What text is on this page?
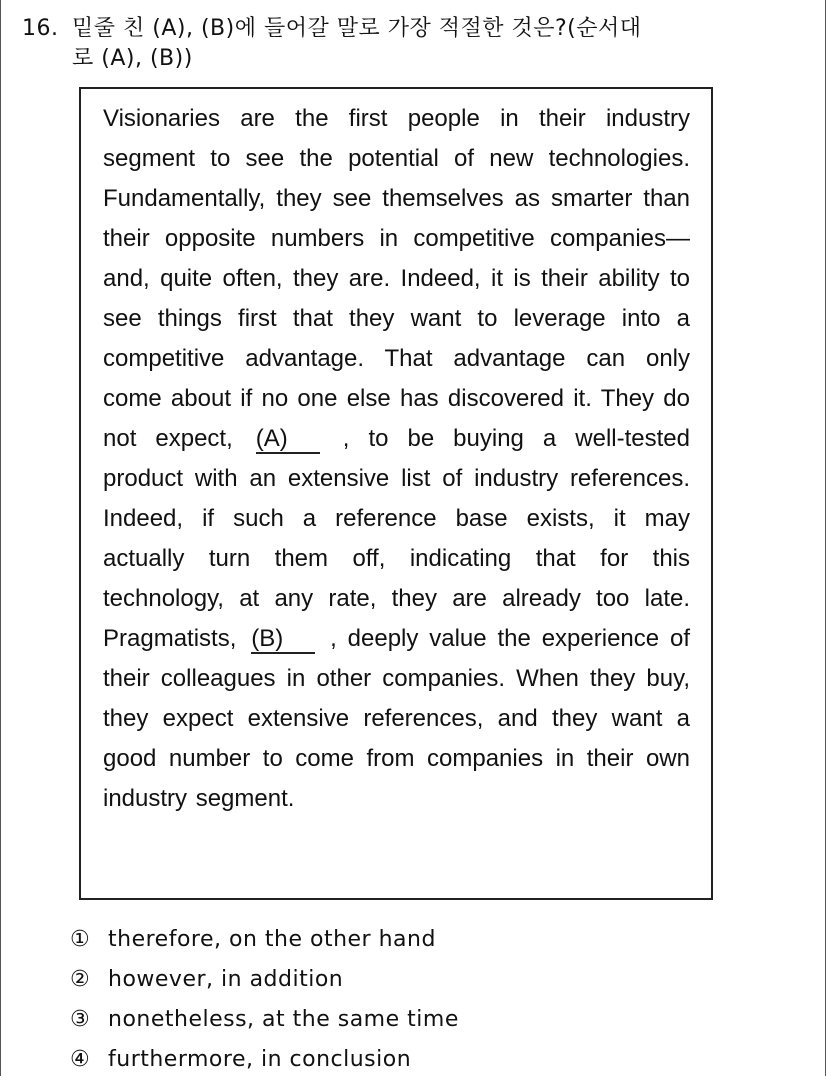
16. 밑줄 친 (A), (B)에 들어갈 말로 가장 적절한 것은?(순서대
로 (A), (B))
Visionaries are the first people in their industry segment to see the potential of new technologies. Fundamentally, they see themselves as smarter than their opposite numbers in competitive companies—and, quite often, they are. Indeed, it is their ability to see things first that they want to leverage into a competitive advantage. That advantage can only come about if no one else has discovered it. They do not expect, (A) , to be buying a well-tested product with an extensive list of industry references. Indeed, if such a reference base exists, it may actually turn them off, indicating that for this technology, at any rate, they are already too late. Pragmatists, (B) , deeply value the experience of their colleagues in other companies. When they buy, they expect extensive references, and they want a good number to come from companies in their own industry segment.
① therefore, on the other hand
② however, in addition
③ nonetheless, at the same time
④ furthermore, in conclusion
